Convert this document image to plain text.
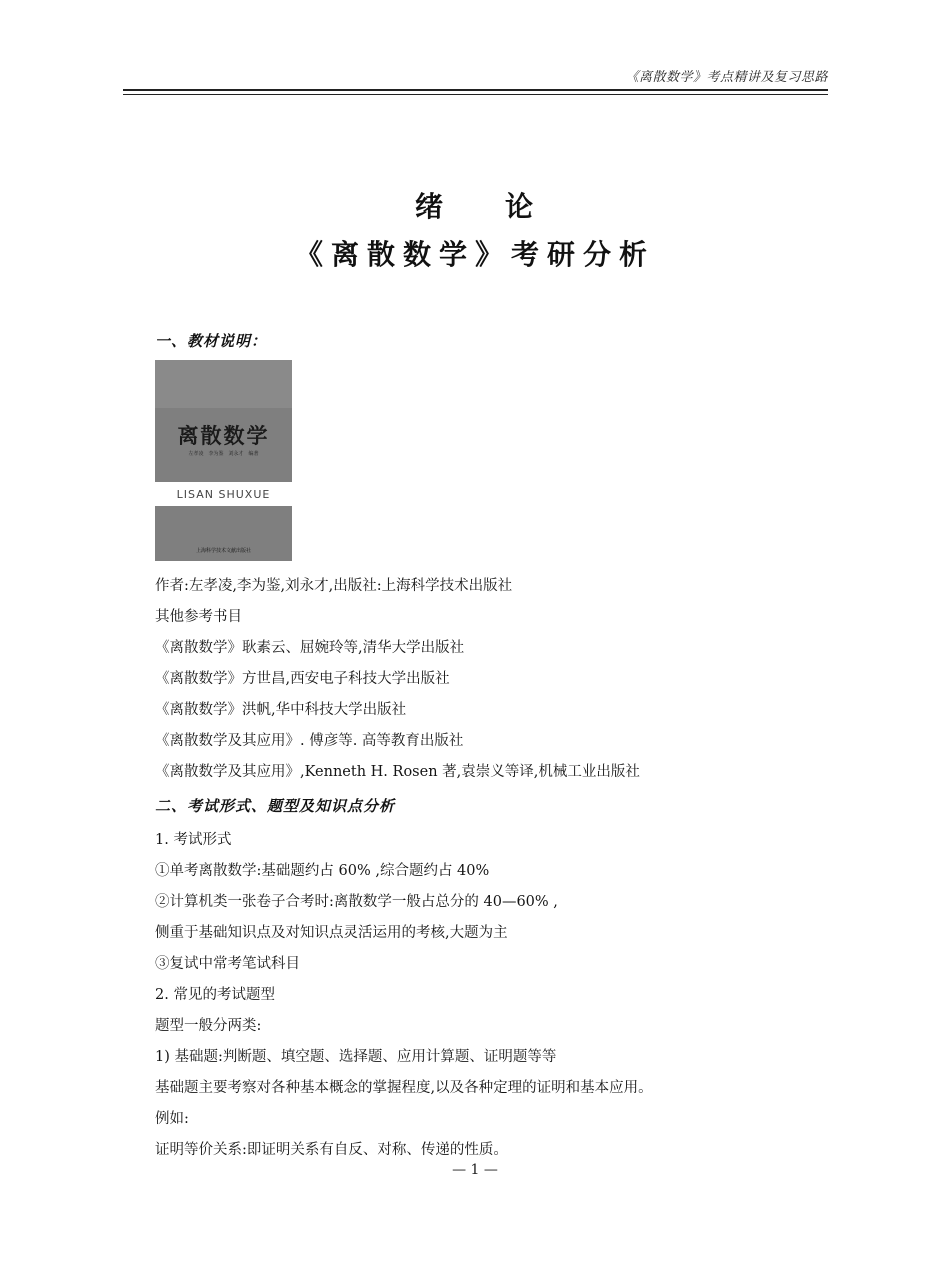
《离散数学》考点精讲及复习思路
绪 论
《离散数学》考研分析
一、教材说明：
离散数学
左孝凌　李为鉴　刘永才　编著
LISAN SHUXUE
上海科学技术文献出版社
作者:左孝凌,李为鉴,刘永才,出版社:上海科学技术出版社
其他参考书目
《离散数学》耿素云、屈婉玲等,清华大学出版社
《离散数学》方世昌,西安电子科技大学出版社
《离散数学》洪帆,华中科技大学出版社
《离散数学及其应用》. 傅彦等. 高等教育出版社
《离散数学及其应用》,Kenneth H. Rosen 著,袁崇义等译,机械工业出版社
二、考试形式、题型及知识点分析
1. 考试形式
①单考离散数学:基础题约占 60% ,综合题约占 40%
②计算机类一张卷子合考时:离散数学一般占总分的 40—60% ,
侧重于基础知识点及对知识点灵活运用的考核,大题为主
③复试中常考笔试科目
2. 常见的考试题型
题型一般分两类:
1) 基础题:判断题、填空题、选择题、应用计算题、证明题等等
基础题主要考察对各种基本概念的掌握程度,以及各种定理的证明和基本应用。
例如:
证明等价关系:即证明关系有自反、对称、传递的性质。
— 1 —
